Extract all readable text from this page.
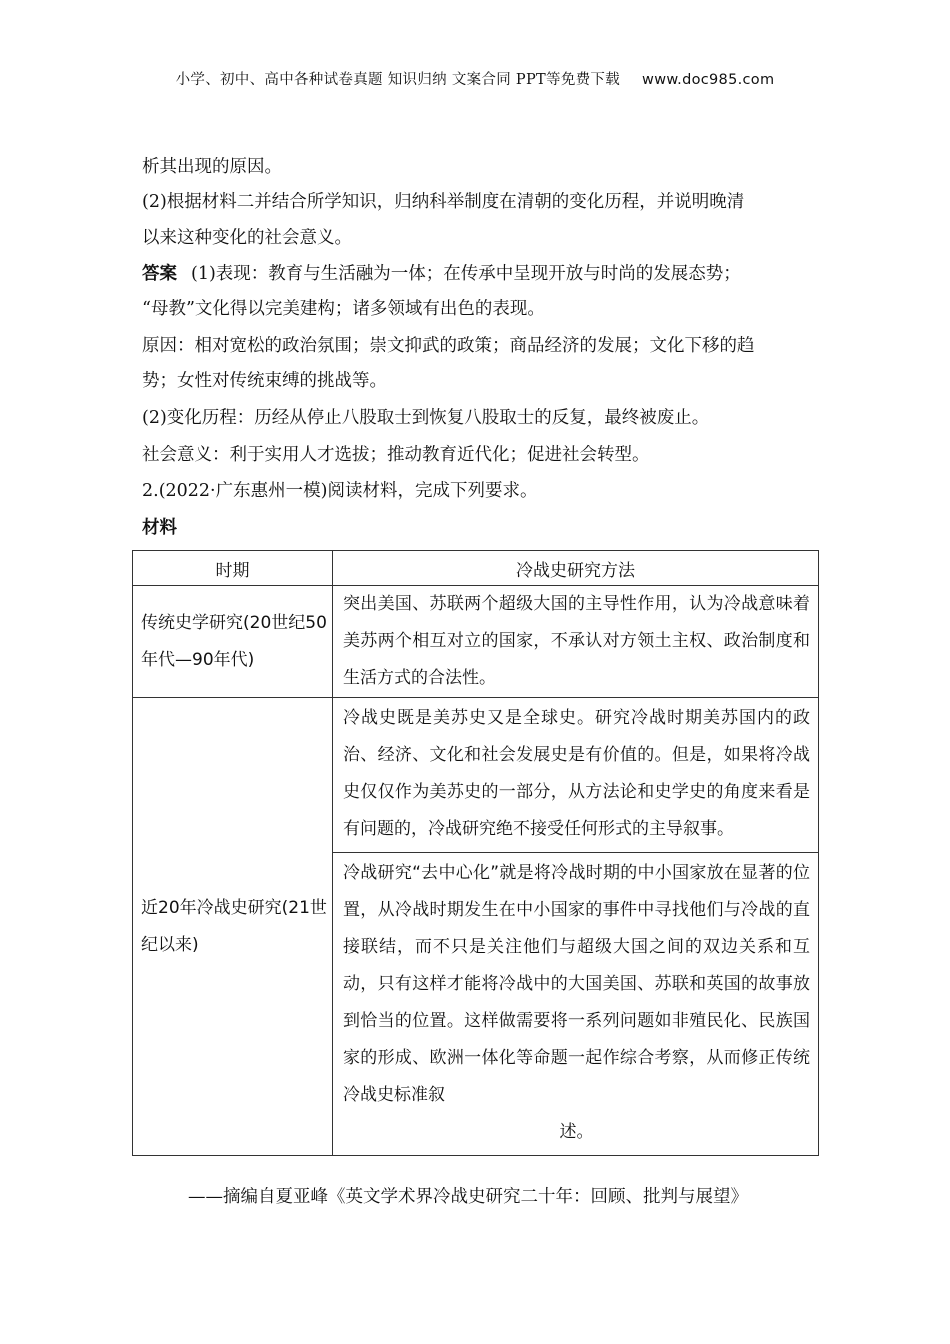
小学、初中、高中各种试卷真题 知识归纳 文案合同 PPT等免费下载 www.doc985.com
析其出现的原因。
(2)根据材料二并结合所学知识，归纳科举制度在清朝的变化历程，并说明晚清
以来这种变化的社会意义。
答案 (1)表现：教育与生活融为一体；在传承中呈现开放与时尚的发展态势；
“母教”文化得以完美建构；诸多领域有出色的表现。
原因：相对宽松的政治氛围；崇文抑武的政策；商品经济的发展；文化下移的趋
势；女性对传统束缚的挑战等。
(2)变化历程：历经从停止八股取士到恢复八股取士的反复，最终被废止。
社会意义：利于实用人才选拔；推动教育近代化；促进社会转型。
2.(2022·广东惠州一模)阅读材料，完成下列要求。
材料
时期	冷战史研究方法
传统史学研究(20世纪50年代—90年代)	突出美国、苏联两个超级大国的主导性作用，认为冷战意味着美苏两个相互对立的国家，不承认对方领土主权、政治制度和生活方式的合法性。
近20年冷战史研究(21世纪以来)	冷战史既是美苏史又是全球史。研究冷战时期美苏国内的政治、经济、文化和社会发展史是有价值的。但是，如果将冷战史仅仅作为美苏史的一部分，从方法论和史学史的角度来看是有问题的，冷战研究绝不接受任何形式的主导叙事。
冷战研究“去中心化”就是将冷战时期的中小国家放在显著的位置，从冷战时期发生在中小国家的事件中寻找他们与冷战的直接联结，而不只是关注他们与超级大国之间的双边关系和互动，只有这样才能将冷战中的大国美国、苏联和英国的故事放到恰当的位置。这样做需要将一系列问题如非殖民化、民族国家的形成、欧洲一体化等命题一起作综合考察，从而修正传统冷战史标准叙
述。
——摘编自夏亚峰《英文学术界冷战史研究二十年：回顾、批判与展望》
